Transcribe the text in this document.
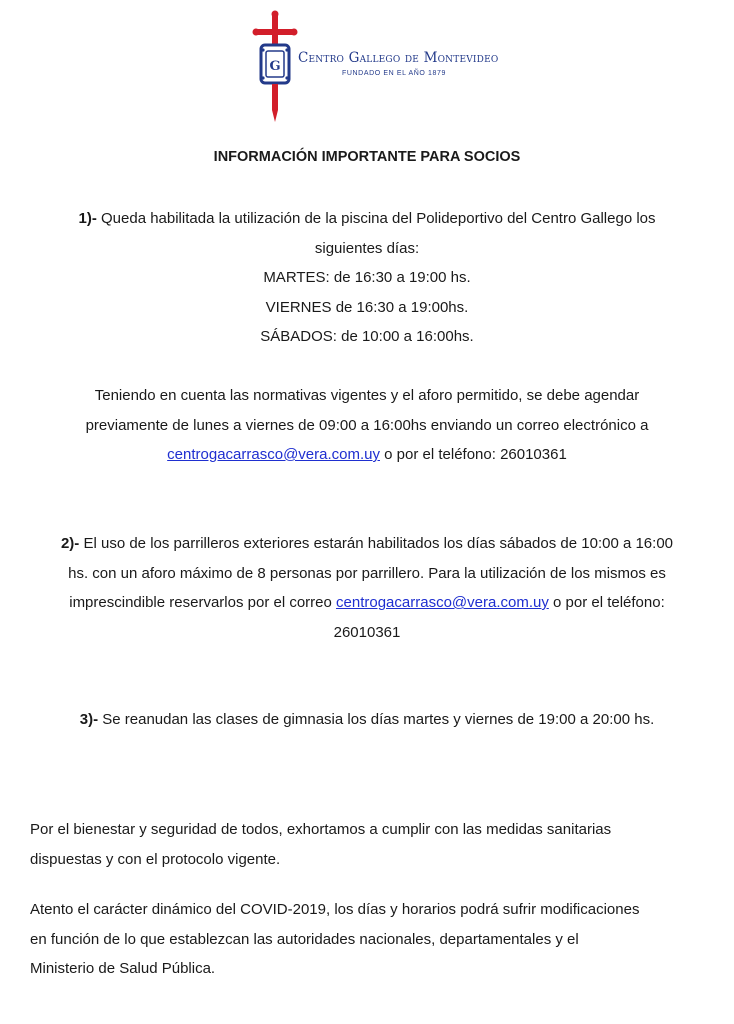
G
Centro Gallego de Montevideo
FUNDADO EN EL AÑO 1879
INFORMACIÓN IMPORTANTE PARA SOCIOS
1)- Queda habilitada la utilización de la piscina del Polideportivo del Centro Gallego los
siguientes días:
MARTES: de 16:30 a 19:00 hs.
VIERNES de 16:30 a 19:00hs.
SÁBADOS: de 10:00 a 16:00hs.
Teniendo en cuenta las normativas vigentes y el aforo permitido, se debe agendar
previamente de lunes a viernes de 09:00 a 16:00hs enviando un correo electrónico a
centrogacarrasco@vera.com.uy o por el teléfono: 26010361
2)- El uso de los parrilleros exteriores estarán habilitados los días sábados de 10:00 a 16:00
hs. con un aforo máximo de 8 personas por parrillero. Para la utilización de los mismos es
imprescindible reservarlos por el correo centrogacarrasco@vera.com.uy o por el teléfono:
26010361
3)- Se reanudan las clases de gimnasia los días martes y viernes de 19:00 a 20:00 hs.
Por el bienestar y seguridad de todos, exhortamos a cumplir con las medidas sanitarias
dispuestas y con el protocolo vigente.
Atento el carácter dinámico del COVID-2019, los días y horarios podrá sufrir modificaciones
en función de lo que establezcan las autoridades nacionales, departamentales y el
Ministerio de Salud Pública.
